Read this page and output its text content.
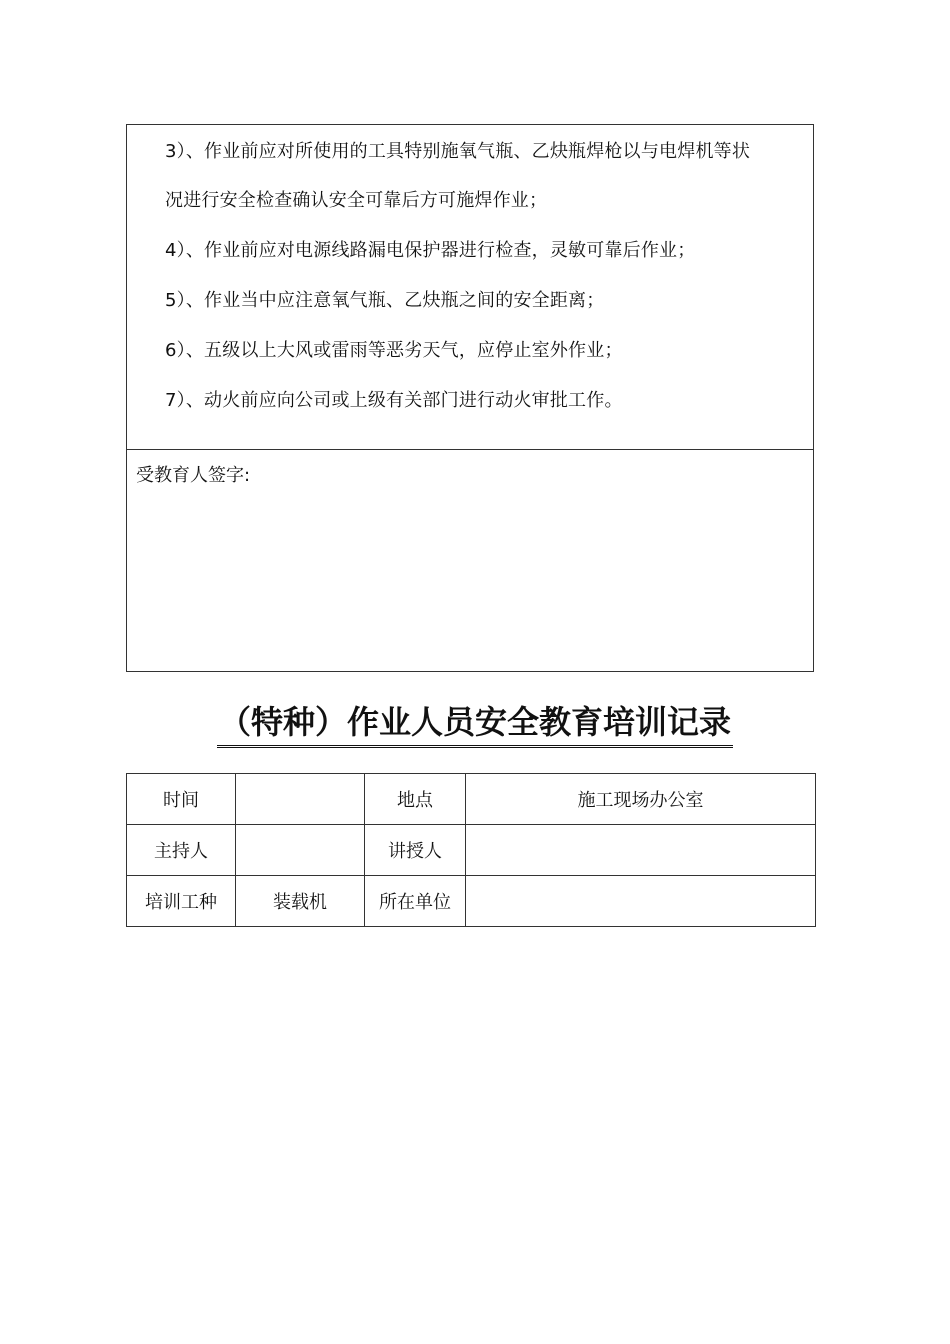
3）、作业前应对所使用的工具特别施氧气瓶、乙炔瓶焊枪以与电焊机等状
况进行安全检查确认安全可靠后方可施焊作业；
4）、作业前应对电源线路漏电保护器进行检查，灵敏可靠后作业；
5）、作业当中应注意氧气瓶、乙炔瓶之间的安全距离；
6）、五级以上大风或雷雨等恶劣天气，应停止室外作业；
7）、动火前应向公司或上级有关部门进行动火审批工作。
受教育人签字:
（特种）作业人员安全教育培训记录
时间		地点	施工现场办公室
主持人		讲授人	
培训工种	装载机	所在单位	
